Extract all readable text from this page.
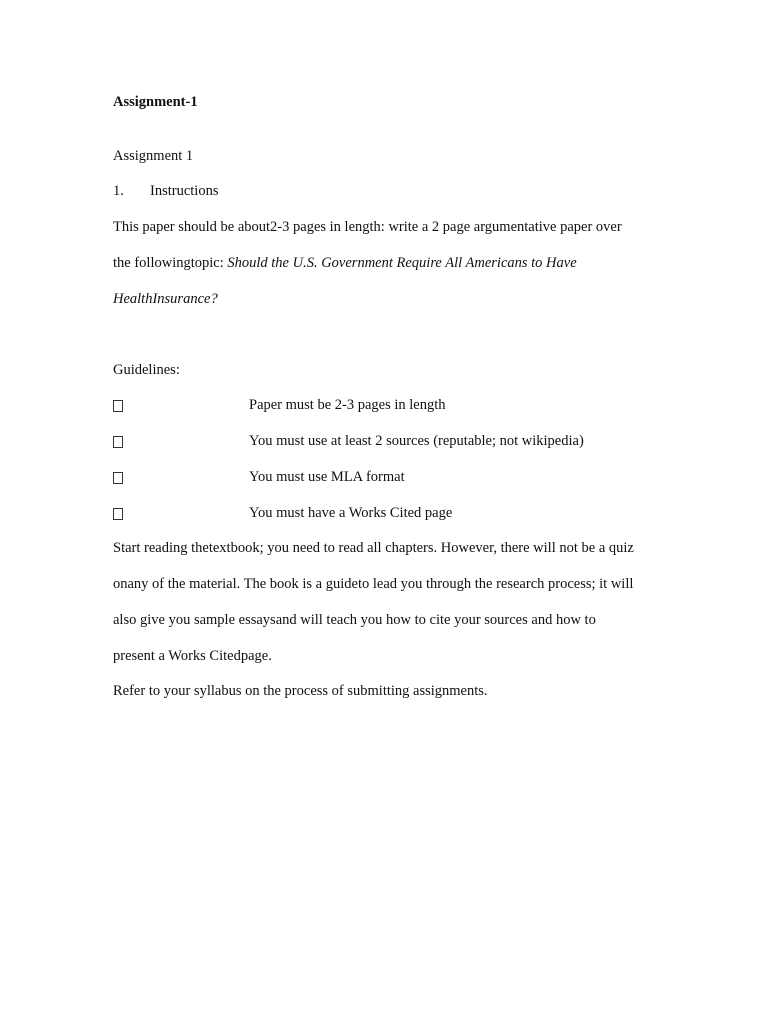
Assignment-1
Assignment 1
1. Instructions
This paper should be about2-3 pages in length: write a 2 page argumentative paper over
the followingtopic: Should the U.S. Government Require All Americans to Have
HealthInsurance?
Guidelines:
Paper must be 2-3 pages in length
You must use at least 2 sources (reputable; not wikipedia)
You must use MLA format
You must have a Works Cited page
Start reading thetextbook; you need to read all chapters. However, there will not be a quiz
onany of the material. The book is a guideto lead you through the research process; it will
also give you sample essaysand will teach you how to cite your sources and how to
present a Works Citedpage.
Refer to your syllabus on the process of submitting assignments.
